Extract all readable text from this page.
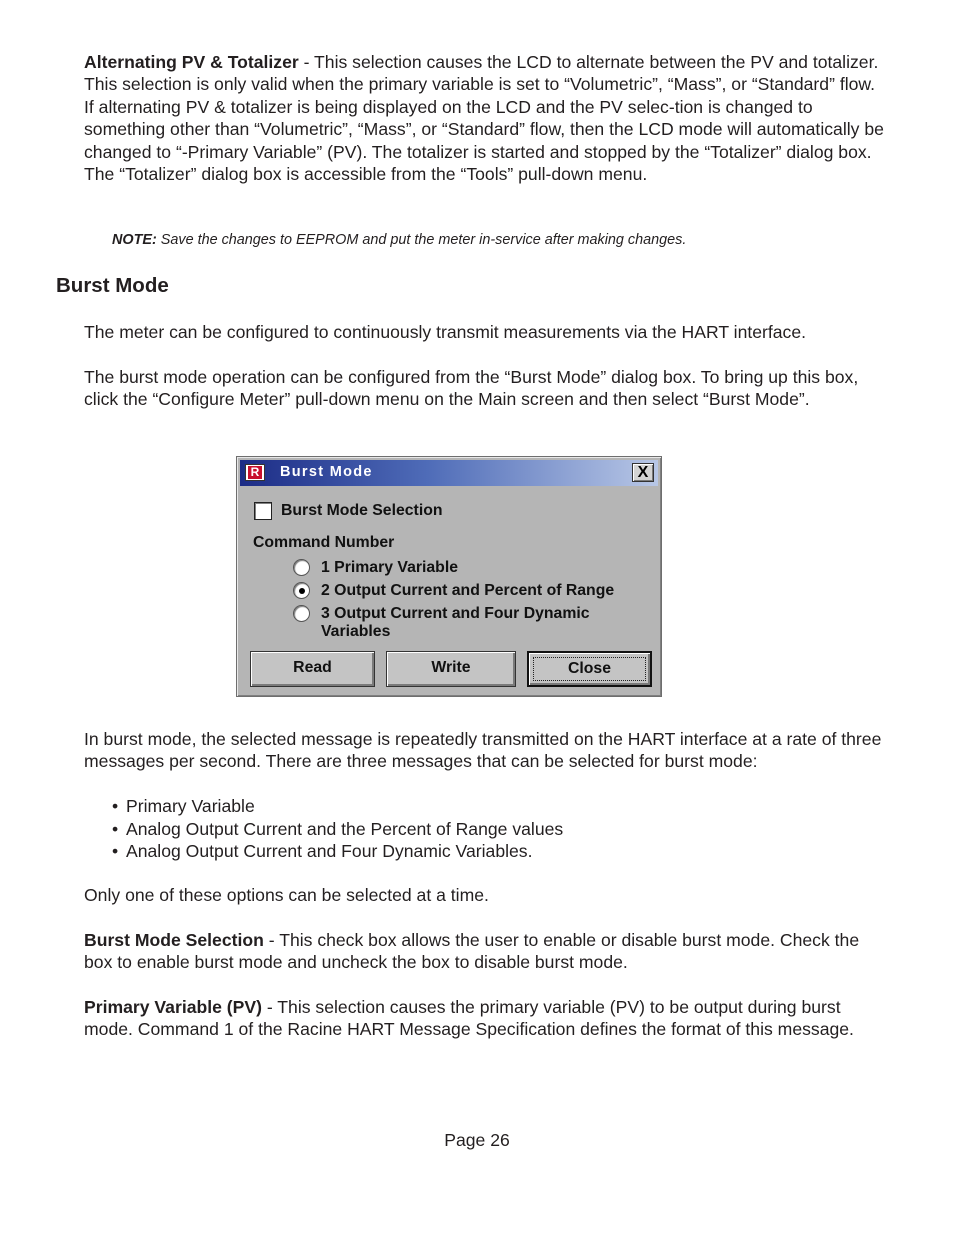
Alternating PV & Totalizer - This selection causes the LCD to alternate between the PV and totalizer. This selection is only valid when the primary variable is set to “Volumetric”, “Mass”, or “Standard” flow. If alternating PV & totalizer is being displayed on the LCD and the PV selec-tion is changed to something other than “Volumetric”, “Mass”, or “Standard” flow, then the LCD mode will automatically be changed to “-Primary Variable” (PV). The totalizer is started and stopped by the “Totalizer” dialog box. The “Totalizer” dialog box is accessible from the “Tools” pull-down menu.

NOTE: Save the changes to EEPROM and put the meter in-service after making changes.
Burst Mode

The meter can be configured to continuously transmit measurements via the HART interface.

The burst mode operation can be configured from the “Burst Mode” dialog box. To bring up this box, click the “Configure Meter” pull-down menu on the Main screen and then select “Burst Mode”.

R Burst Mode	X
Burst Mode Selection
Command Number
1 Primary Variable
2 Output Current and Percent of Range
3 Output Current and Four Dynamic Variables
Read	Write	Close

In burst mode, the selected message is repeatedly transmitted on the HART interface at a rate of three messages per second. There are three messages that can be selected for burst mode:

• Primary Variable
• Analog Output Current and the Percent of Range values
• Analog Output Current and Four Dynamic Variables.

Only one of these options can be selected at a time.

Burst Mode Selection - This check box allows the user to enable or disable burst mode. Check the box to enable burst mode and uncheck the box to disable burst mode.

Primary Variable (PV) - This selection causes the primary variable (PV) to be output during burst mode. Command 1 of the Racine HART Message Specification defines the format of this message.

Page 26
